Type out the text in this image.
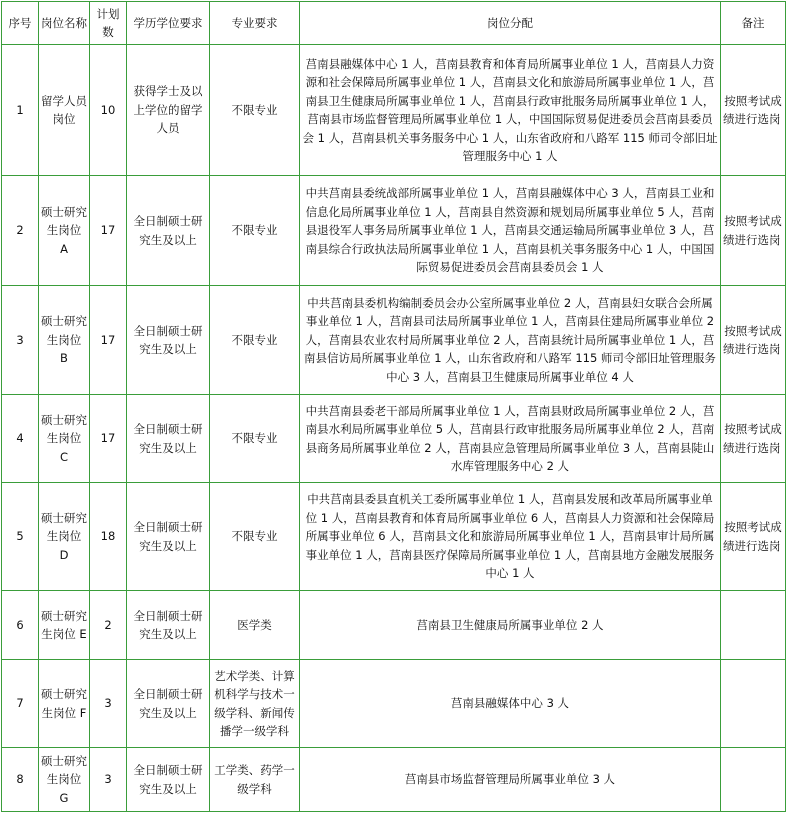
序号	岗位名称	计划数	学历学位要求	专业要求	岗位分配	备注
1	留学人员岗位	10	获得学士及以上学位的留学人员	不限专业	莒南县融媒体中心 1 人，莒南县教育和体育局所属事业单位 1 人，莒南县人力资源和社会保障局所属事业单位 1 人，莒南县文化和旅游局所属事业单位 1 人，莒南县卫生健康局所属事业单位 1 人，莒南县行政审批服务局所属事业单位 1 人，莒南县市场监督管理局所属事业单位 1 人，中国国际贸易促进委员会莒南县委员会 1 人，莒南县机关事务服务中心 1 人，山东省政府和八路军 115 师司令部旧址管理服务中心 1 人	按照考试成绩进行选岗
2	硕士研究生岗位 A	17	全日制硕士研究生及以上	不限专业	中共莒南县委统战部所属事业单位 1 人，莒南县融媒体中心 3 人，莒南县工业和信息化局所属事业单位 1 人，莒南县自然资源和规划局所属事业单位 5 人，莒南县退役军人事务局所属事业单位 1 人，莒南县交通运输局所属事业单位 3 人，莒南县综合行政执法局所属事业单位 1 人，莒南县机关事务服务中心 1 人，中国国际贸易促进委员会莒南县委员会 1 人	按照考试成绩进行选岗
3	硕士研究生岗位 B	17	全日制硕士研究生及以上	不限专业	中共莒南县委机构编制委员会办公室所属事业单位 2 人，莒南县妇女联合会所属事业单位 1 人，莒南县司法局所属事业单位 1 人，莒南县住建局所属事业单位 2 人，莒南县农业农村局所属事业单位 2 人，莒南县统计局所属事业单位 1 人，莒南县信访局所属事业单位 1 人，山东省政府和八路军 115 师司令部旧址管理服务中心 3 人，莒南县卫生健康局所属事业单位 4 人	按照考试成绩进行选岗
4	硕士研究生岗位 C	17	全日制硕士研究生及以上	不限专业	中共莒南县委老干部局所属事业单位 1 人，莒南县财政局所属事业单位 2 人，莒南县水利局所属事业单位 5 人，莒南县行政审批服务局所属事业单位 2 人，莒南县商务局所属事业单位 2 人，莒南县应急管理局所属事业单位 3 人，莒南县陡山水库管理服务中心 2 人	按照考试成绩进行选岗
5	硕士研究生岗位 D	18	全日制硕士研究生及以上	不限专业	中共莒南县委县直机关工委所属事业单位 1 人，莒南县发展和改革局所属事业单位 1 人，莒南县教育和体育局所属事业单位 6 人，莒南县人力资源和社会保障局所属事业单位 6 人，莒南县文化和旅游局所属事业单位 1 人，莒南县审计局所属事业单位 1 人，莒南县医疗保障局所属事业单位 1 人，莒南县地方金融发展服务中心 1 人	按照考试成绩进行选岗
6	硕士研究生岗位 E	2	全日制硕士研究生及以上	医学类	莒南县卫生健康局所属事业单位 2 人	
7	硕士研究生岗位 F	3	全日制硕士研究生及以上	艺术学类、计算机科学与技术一级学科、新闻传播学一级学科	莒南县融媒体中心 3 人	
8	硕士研究生岗位 G	3	全日制硕士研究生及以上	工学类、药学一级学科	莒南县市场监督管理局所属事业单位 3 人	
